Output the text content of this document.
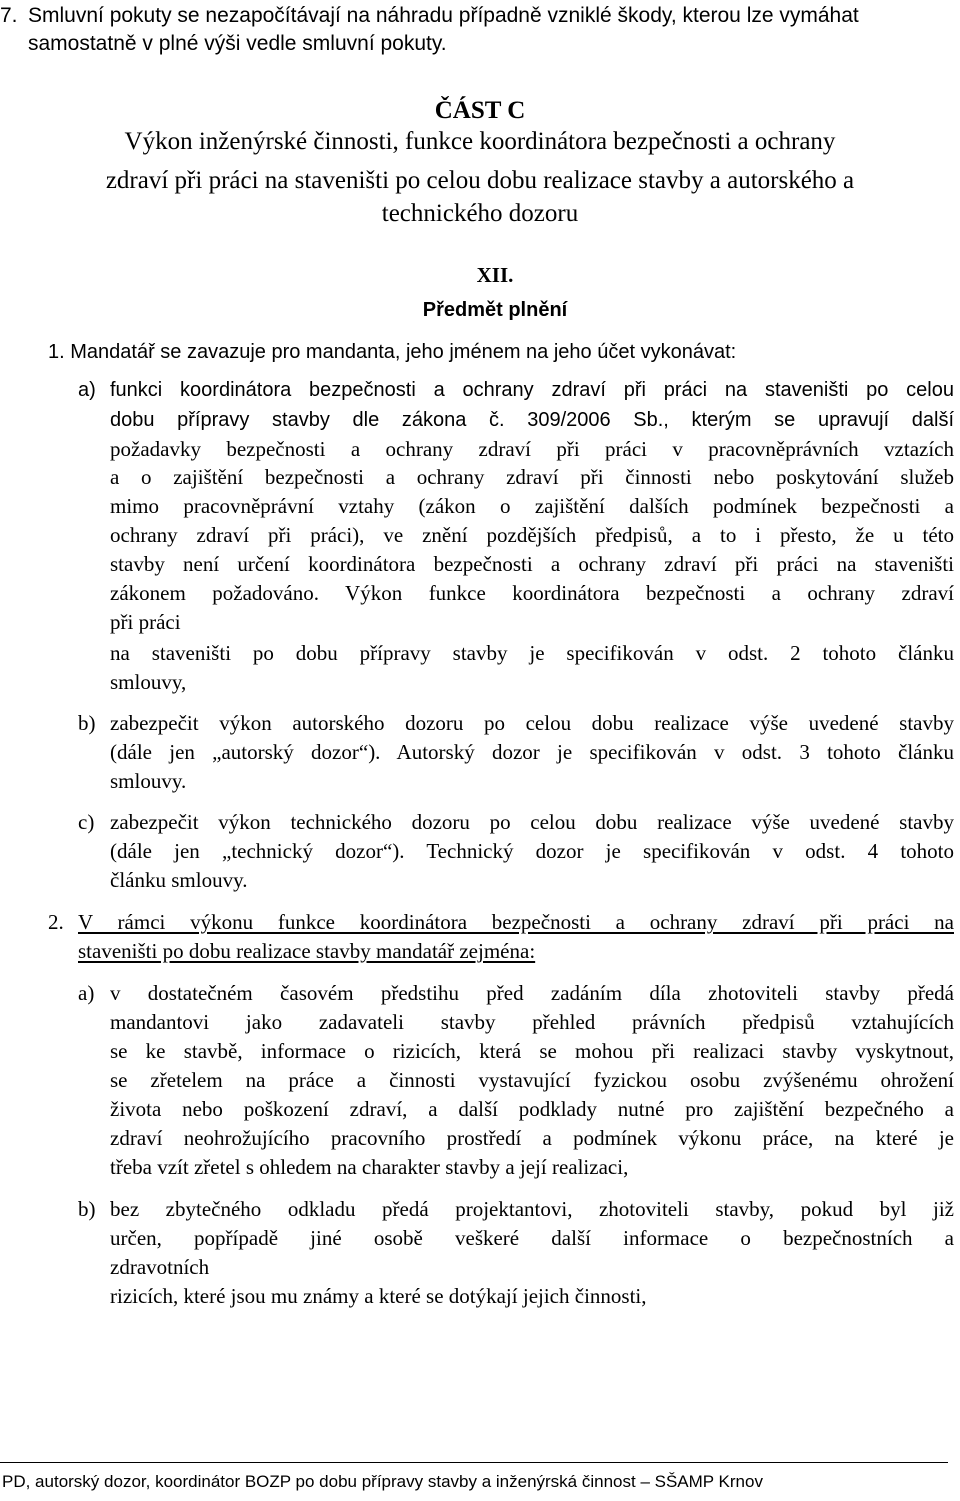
7. Smluvní pokuty se nezapočítávají na náhradu případně vzniklé škody, kterou lze vymáhat
samostatně v plné výši vedle smluvní pokuty.
ČÁST C
Výkon inženýrské činnosti, funkce koordinátora bezpečnosti a ochrany
zdraví při práci na staveništi po celou dobu realizace stavby a autorského a
technického dozoru
XII.
Předmět plnění
1. Mandatář se zavazuje pro mandanta, jeho jménem na jeho účet vykonávat:
a) funkci koordinátora bezpečnosti a ochrany zdraví při práci na staveništi po celou
dobu přípravy stavby dle zákona č. 309/2006 Sb., kterým se upravují další
požadavky bezpečnosti a ochrany zdraví při práci v pracovněprávních vztazích
a o zajištění bezpečnosti a ochrany zdraví při činnosti nebo poskytování služeb
mimo pracovněprávní vztahy (zákon o zajištění dalších podmínek bezpečnosti a
ochrany zdraví při práci), ve znění pozdějších předpisů, a to i přesto, že u této
stavby není určení koordinátora bezpečnosti a ochrany zdraví při práci na staveništi
zákonem požadováno. Výkon funkce koordinátora bezpečnosti a ochrany zdraví
při práci
na staveništi po dobu přípravy stavby je specifikován v odst. 2 tohoto článku
smlouvy,
b) zabezpečit výkon autorského dozoru po celou dobu realizace výše uvedené stavby
(dále jen „autorský dozor“). Autorský dozor je specifikován v odst. 3 tohoto článku
smlouvy.
c) zabezpečit výkon technického dozoru po celou dobu realizace výše uvedené stavby
(dále jen „technický dozor“). Technický dozor je specifikován v odst. 4 tohoto
článku smlouvy.
2. V rámci výkonu funkce koordinátora bezpečnosti a ochrany zdraví při práci na
staveništi po dobu realizace stavby mandatář zejména:
a) v dostatečném časovém předstihu před zadáním díla zhotoviteli stavby předá
mandantovi jako zadavateli stavby přehled právních předpisů vztahujících
se ke stavbě, informace o rizicích, která se mohou při realizaci stavby vyskytnout,
se zřetelem na práce a činnosti vystavující fyzickou osobu zvýšenému ohrožení
života nebo poškození zdraví, a další podklady nutné pro zajištění bezpečného a
zdraví neohrožujícího pracovního prostředí a podmínek výkonu práce, na které je
třeba vzít zřetel s ohledem na charakter stavby a její realizaci,
b) bez zbytečného odkladu předá projektantovi, zhotoviteli stavby, pokud byl již
určen, popřípadě jiné osobě veškeré další informace o bezpečnostních a
zdravotních
rizicích, které jsou mu známy a které se dotýkají jejich činnosti,
PD, autorský dozor, koordinátor BOZP po dobu přípravy stavby a inženýrská činnost – SŠAMP Krnov
